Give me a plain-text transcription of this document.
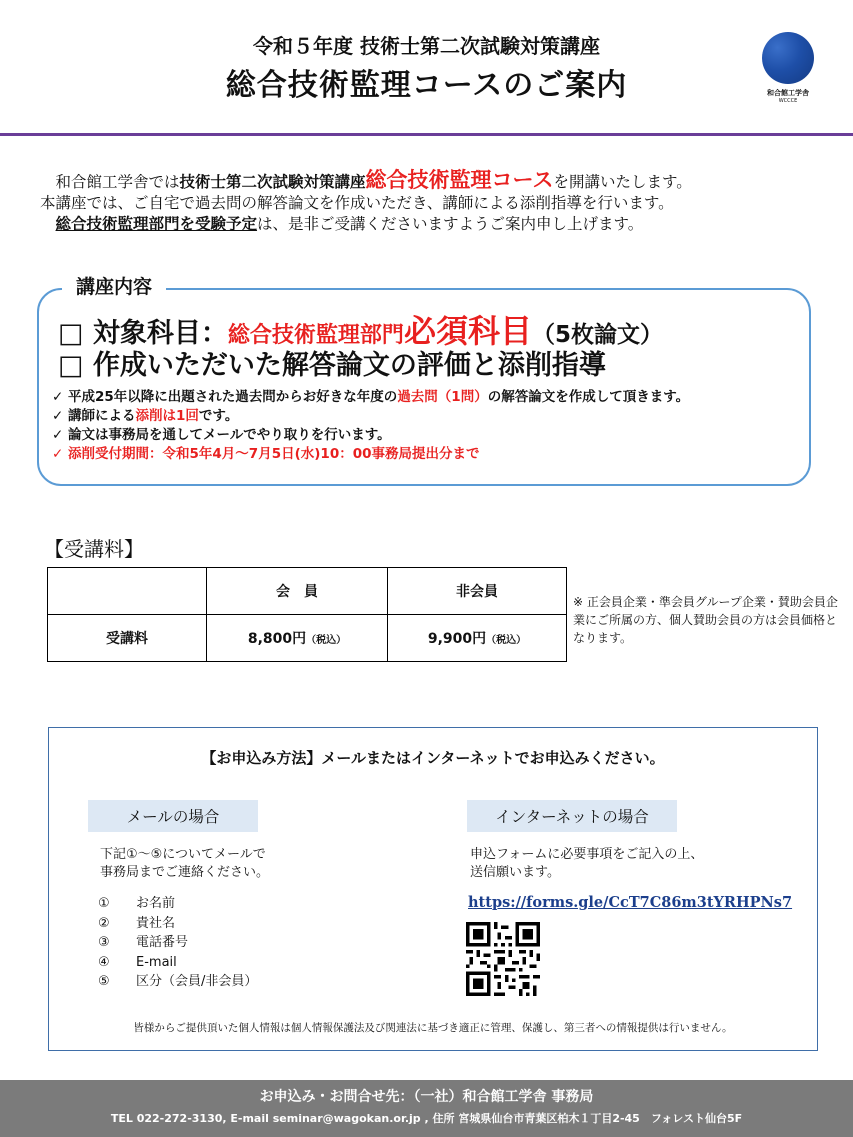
令和５年度 技術士第二次試験対策講座
総合技術監理コースのご案内	和合館工学舎
WCCCE

　和合館工学舎では技術士第二次試験対策講座総合技術監理コースを開講いたします。

本講座では、ご自宅で過去問の解答論文を作成いただき、講師による添削指導を行います。

　総合技術監理部門を受験予定は、是非ご受講くださいますようご案内申し上げます。

講座内容
□ 対象科目：総合技術監理部門必須科目（5枚論文）
□ 作成いただいた解答論文の評価と添削指導
✓ 平成25年以降に出題された過去問からお好きな年度の過去問（1問）の解答論文を作成して頂きます。
✓ 講師による添削は1回です。
✓ 論文は事務局を通してメールでやり取りを行います。
✓ 添削受付期間：令和5年4月～7月5日(水)10：00事務局提出分まで
【受講料】
	会　員	非会員
受講料	8,800円（税込）	9,900円（税込）
※ 正会員企業・準会員グループ企業・賛助会員企業にご所属の方、個人賛助会員の方は会員価格となります。
【お申込み方法】メールまたはインターネットでお申込みください。
メールの場合
下記①～⑤についてメールで
事務局までご連絡ください。
① お名前
② 貴社名
③ 電話番号
④ E-mail
⑤ 区分（会員/非会員）
インターネットの場合
申込フォームに必要事項をご記入の上、
送信願います。
https://forms.gle/CcT7C86m3tYRHPNs7
皆様からご提供頂いた個人情報は個人情報保護法及び関連法に基づき適正に管理、保護し、第三者への情報提供は行いません。
お申込み・お問合せ先：（一社）和合館工学舎 事務局
TEL 022-272-3130, E-mail seminar@wagokan.or.jp , 住所 宮城県仙台市青葉区柏木１丁目2-45　フォレスト仙台5F
